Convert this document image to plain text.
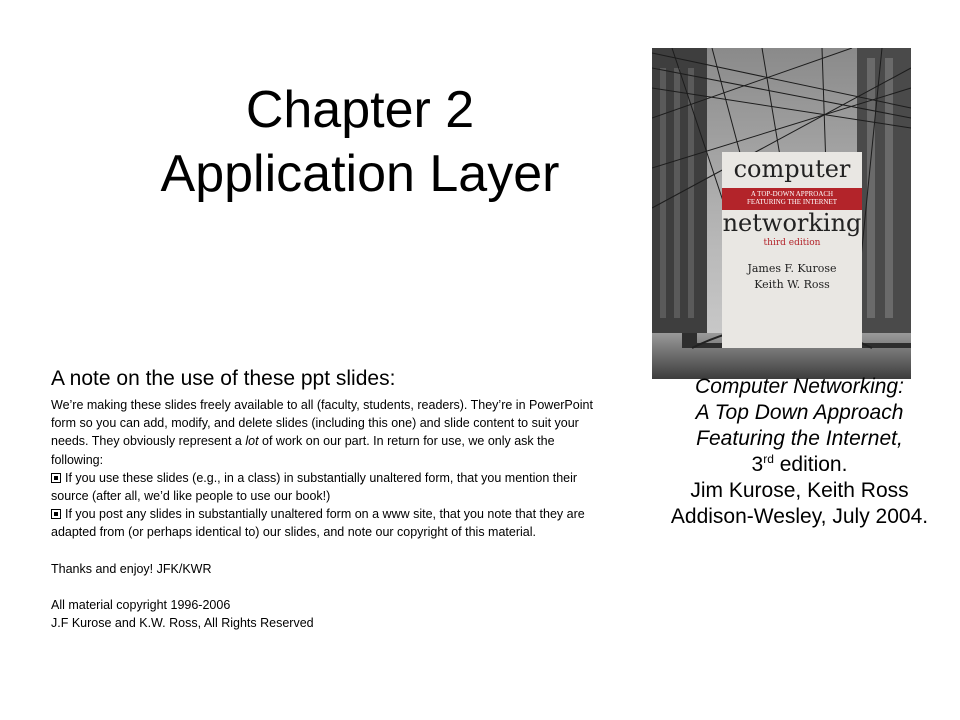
Chapter 2
Application Layer	computer
A TOP-DOWN APPROACH
FEATURING THE INTERNET
networking
third edition
James F. Kurose
Keith W. Ross
Computer Networking:
A Top Down Approach
Featuring the Internet,
3rd edition.
Jim Kurose, Keith Ross
Addison-Wesley, July 2004.
A note on the use of these ppt slides:

We’re making these slides freely available to all (faculty, students, readers). They’re in PowerPoint form so you can add, modify, and delete slides (including this one) and slide content to suit your needs. They obviously represent a lot of work on our part. In return for use, we only ask the following:

If you use these slides (e.g., in a class) in substantially unaltered form, that you mention their source (after all, we’d like people to use our book!)

If you post any slides in substantially unaltered form on a www site, that you note that they are adapted from (or perhaps identical to) our slides, and note our copyright of this material.

Thanks and enjoy! JFK/KWR

All material copyright 1996-2006

J.F Kurose and K.W. Ross, All Rights Reserved
